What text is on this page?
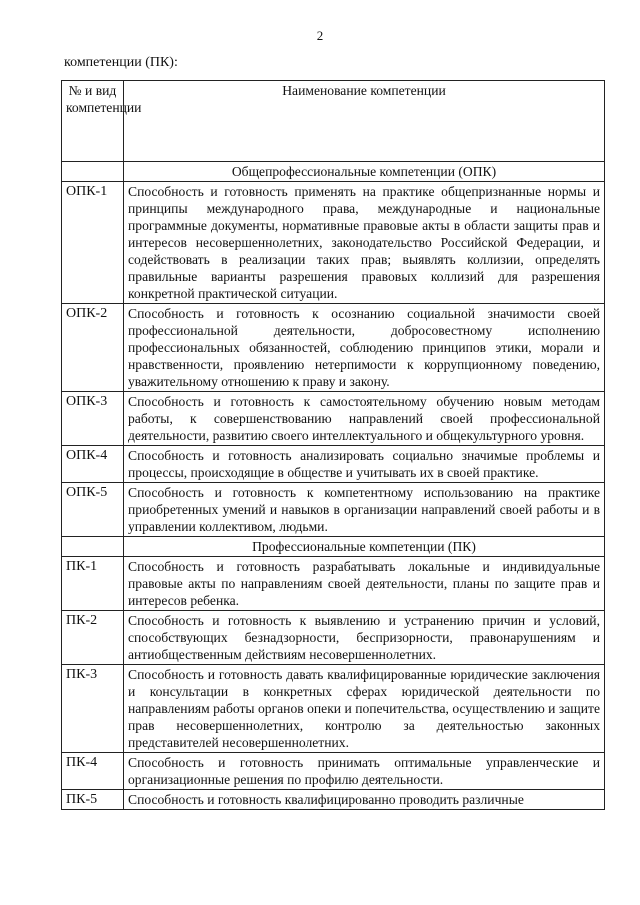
2
компетенции (ПК):
№ и вид компетенции	Наименование компетенции
	Общепрофессиональные компетенции (ОПК)
ОПК-1	Способность и готовность применять на практике общепризнанные нормы и принципы международного права, международные и национальные программные документы, нормативные правовые акты в области защиты прав и интересов несовершеннолетних, законодательство Российской Федерации, и содействовать в реализации таких прав; выявлять коллизии, определять правильные варианты разрешения правовых коллизий для разрешения конкретной практической ситуации.
ОПК-2	Способность и готовность к осознанию социальной значимости своей профессиональной деятельности, добросовестному исполнению профессиональных обязанностей, соблюдению принципов этики, морали и нравственности, проявлению нетерпимости к коррупционному поведению, уважительному отношению к праву и закону.
ОПК-3	Способность и готовность к самостоятельному обучению новым методам работы, к совершенствованию направлений своей профессиональной деятельности, развитию своего интеллектуального и общекультурного уровня.
ОПК-4	Способность и готовность анализировать социально значимые проблемы и процессы, происходящие в обществе и учитывать их в своей практике.
ОПК-5	Способность и готовность к компетентному использованию на практике приобретенных умений и навыков в организации направлений своей работы и в управлении коллективом, людьми.
	Профессиональные компетенции (ПК)
ПК-1	Способность и готовность разрабатывать локальные и индивидуальные правовые акты по направлениям своей деятельности, планы по защите прав и интересов ребенка.
ПК-2	Способность и готовность к выявлению и устранению причин и условий, способствующих безнадзорности, беспризорности, правонарушениям и антиобщественным действиям несовершеннолетних.
ПК-3	Способность и готовность давать квалифицированные юридические заключения и консультации в конкретных сферах юридической деятельности по направлениям работы органов опеки и попечительства, осуществлению и защите прав несовершеннолетних, контролю за деятельностью законных представителей несовершеннолетних.
ПК-4	Способность и готовность принимать оптимальные управленческие и организационные решения по профилю деятельности.
ПК-5	Способность и готовность квалифицированно проводить различные
